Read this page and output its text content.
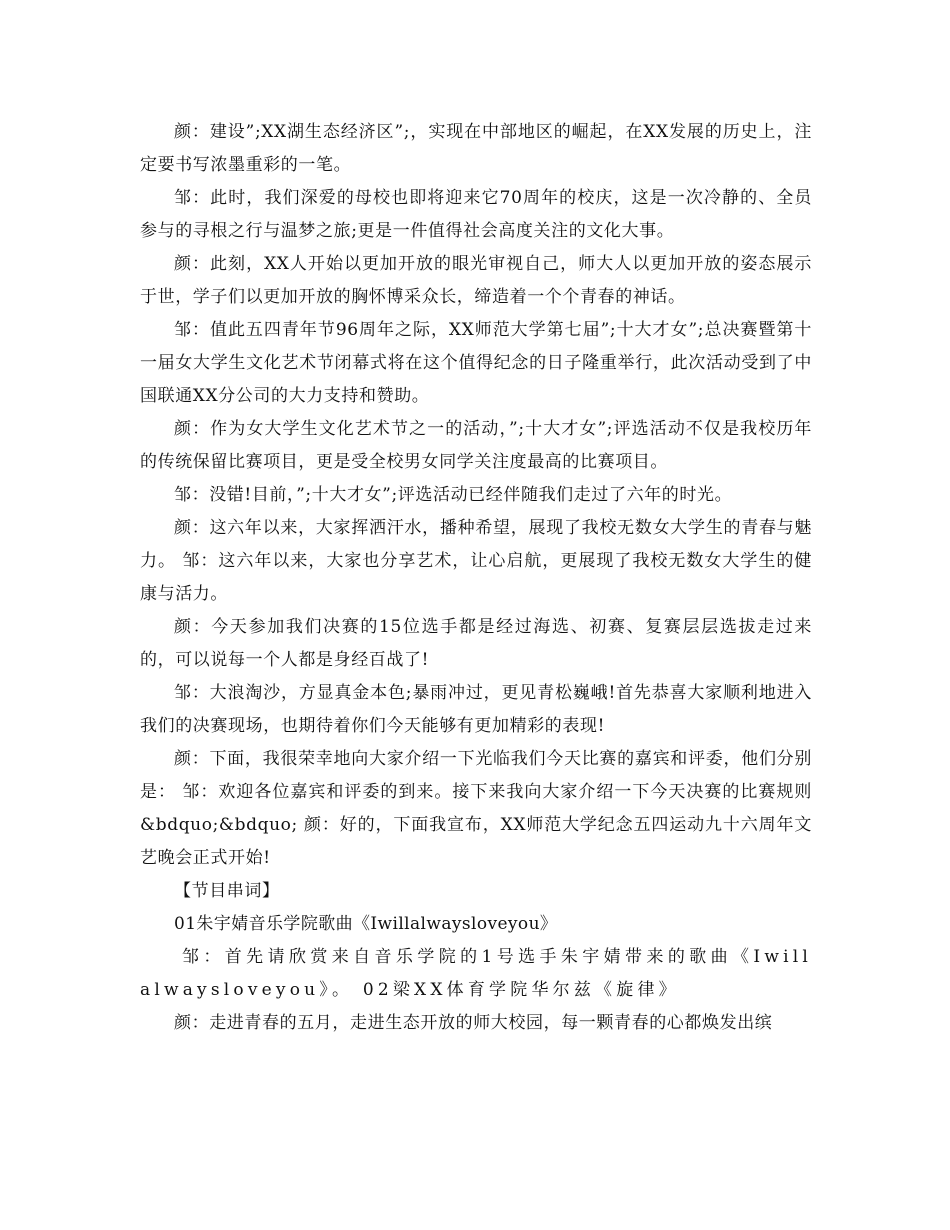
颜：建设”;XX湖生态经济区”;，实现在中部地区的崛起，在XX发展的历史上，注定要书写浓墨重彩的一笔。

邹：此时，我们深爱的母校也即将迎来它70周年的校庆，这是一次冷静的、全员参与的寻根之行与温梦之旅;更是一件值得社会高度关注的文化大事。

颜：此刻，XX人开始以更加开放的眼光审视自己，师大人以更加开放的姿态展示于世，学子们以更加开放的胸怀博采众长，缔造着一个个青春的神话。

邹：值此五四青年节96周年之际，XX师范大学第七届”;十大才女”;总决赛暨第十一届女大学生文化艺术节闭幕式将在这个值得纪念的日子隆重举行，此次活动受到了中国联通XX分公司的大力支持和赞助。

颜：作为女大学生文化艺术节之一的活动，”;十大才女”;评选活动不仅是我校历年的传统保留比赛项目，更是受全校男女同学关注度最高的比赛项目。

邹：没错!目前，”;十大才女”;评选活动已经伴随我们走过了六年的时光。

颜：这六年以来，大家挥洒汗水，播种希望，展现了我校无数女大学生的青春与魅力。 邹：这六年以来，大家也分享艺术，让心启航，更展现了我校无数女大学生的健康与活力。

颜：今天参加我们决赛的15位选手都是经过海选、初赛、复赛层层选拔走过来的，可以说每一个人都是身经百战了!

邹：大浪淘沙，方显真金本色;暴雨冲过，更见青松巍峨!首先恭喜大家顺利地进入我们的决赛现场，也期待着你们今天能够有更加精彩的表现!

颜：下面，我很荣幸地向大家介绍一下光临我们今天比赛的嘉宾和评委，他们分别是： 邹：欢迎各位嘉宾和评委的到来。接下来我向大家介绍一下今天决赛的比赛规则&bdquo;&bdquo; 颜：好的，下面我宣布，XX师范大学纪念五四运动九十六周年文艺晚会正式开始!

【节目串词】

01朱宇婧音乐学院歌曲《Iwillalwaysloveyou》

邹：首先请欣赏来自音乐学院的1号选手朱宇婧带来的歌曲《Iwillalwaysloveyou》。 02梁XX体育学院华尔兹《旋律》

颜：走进青春的五月，走进生态开放的师大校园，每一颗青春的心都焕发出缤
